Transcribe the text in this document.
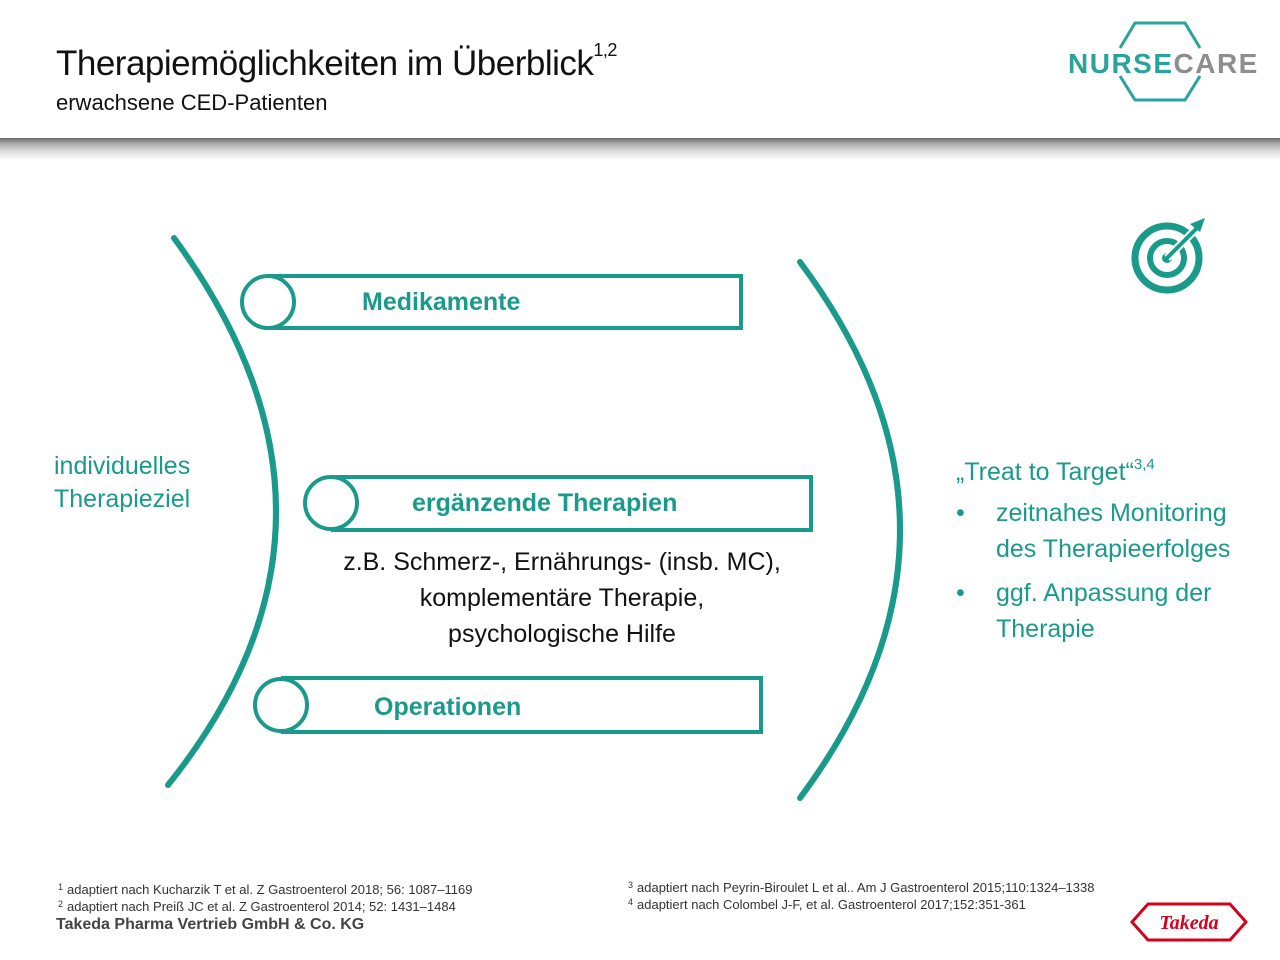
Therapiemöglichkeiten im Überblick$^{1,2}$
erwachsene CED-Patienten
NURSECARE
Medikamente
ergänzende Therapien
Operationen
individuelles
Therapieziel
z.B. Schmerz-, Ernährungs- (insb. MC),
komplementäre Therapie,
psychologische Hilfe
„Treat to Target“$^{3,4}$
• zeitnahes Monitoring
des Therapieerfolges
• ggf. Anpassung der
Therapie
$^1$ adaptiert nach Kucharzik T et al. Z Gastroenterol 2018; 56: 1087–1169
$^2$ adaptiert nach Preiß JC et al. Z Gastroenterol 2014; 52: 1431–1484
$^3$ adaptiert nach Peyrin-Biroulet L et al.. Am J Gastroenterol 2015;110:1324–1338
$^4$ adaptiert nach Colombel J-F, et al. Gastroenterol 2017;152:351-361
Takeda Pharma Vertrieb GmbH & Co. KG	Takeda
